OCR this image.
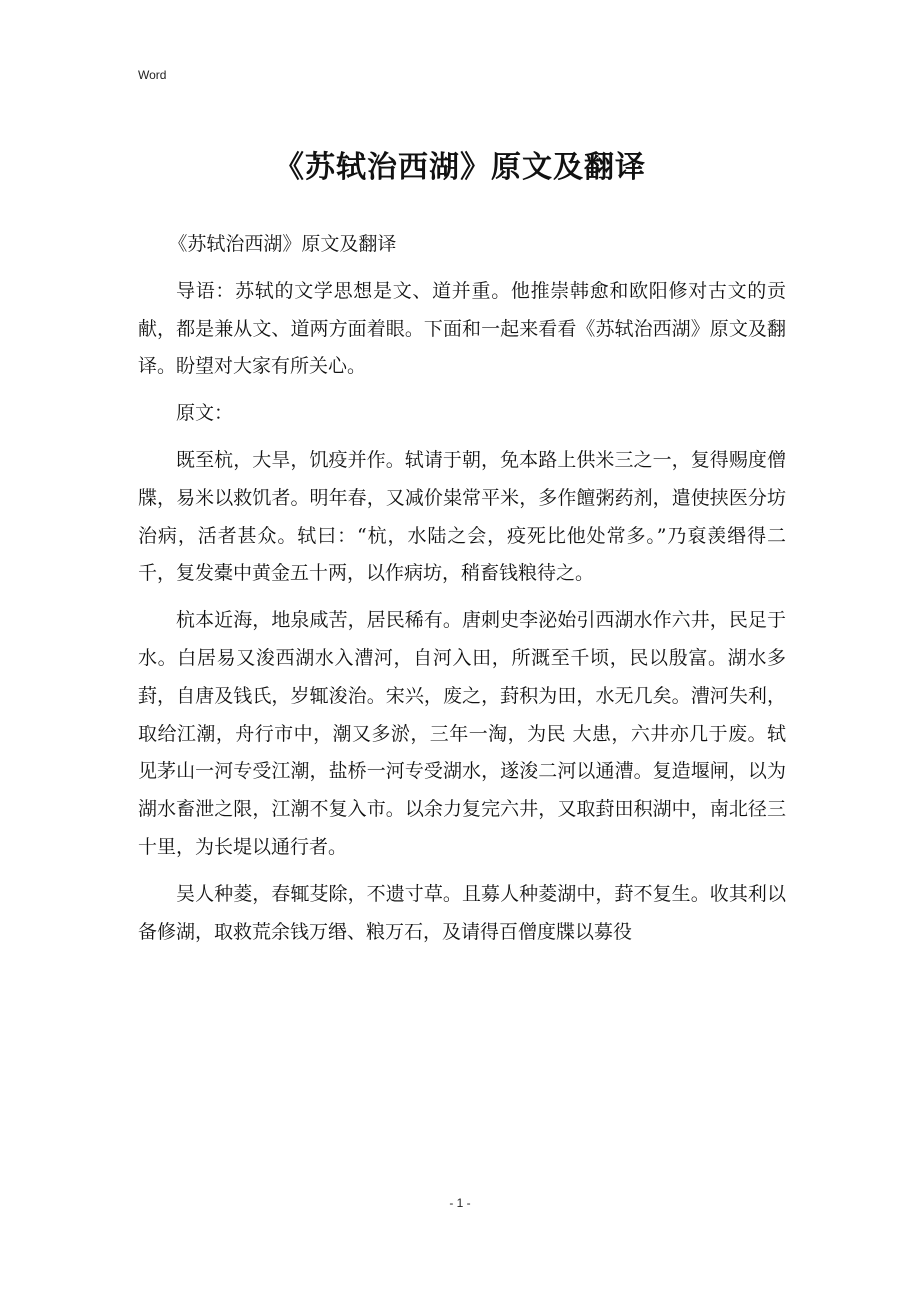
Word
《苏轼治西湖》原文及翻译

《苏轼治西湖》原文及翻译

导语：苏轼的文学思想是文、道并重。他推崇韩愈和欧阳修对古文的贡献，都是兼从文、道两方面着眼。下面和一起来看看《苏轼治西湖》原文及翻译。盼望对大家有所关心。

原文：

既至杭，大旱，饥疫并作。轼请于朝，免本路上供米三之一，复得赐度僧牒，易米以救饥者。明年春，又减价粜常平米，多作饘粥药剂，遣使挟医分坊治病，活者甚众。轼曰：“杭，水陆之会，疫死比他处常多。”乃裒羡缗得二千，复发橐中黄金五十两，以作病坊，稍畜钱粮待之。

杭本近海，地泉咸苦，居民稀有。唐刺史李泌始引西湖水作六井，民足于水。白居易又浚西湖水入漕河，自河入田，所溉至千顷，民以殷富。湖水多葑，自唐及钱氏，岁辄浚治。宋兴，废之，葑积为田，水无几矣。漕河失利，取给江潮，舟行市中，潮又多淤，三年一淘，为民 大患，六井亦几于废。轼见茅山一河专受江潮，盐桥一河专受湖水，遂浚二河以通漕。复造堰闸，以为湖水畜泄之限，江潮不复入市。以余力复完六井，又取葑田积湖中，南北径三十里，为长堤以通行者。

吴人种菱，春辄芟除，不遗寸草。且募人种菱湖中，葑不复生。收其利以备修湖，取救荒余钱万缗、粮万石，及请得百僧度牒以募役

- 1 -
